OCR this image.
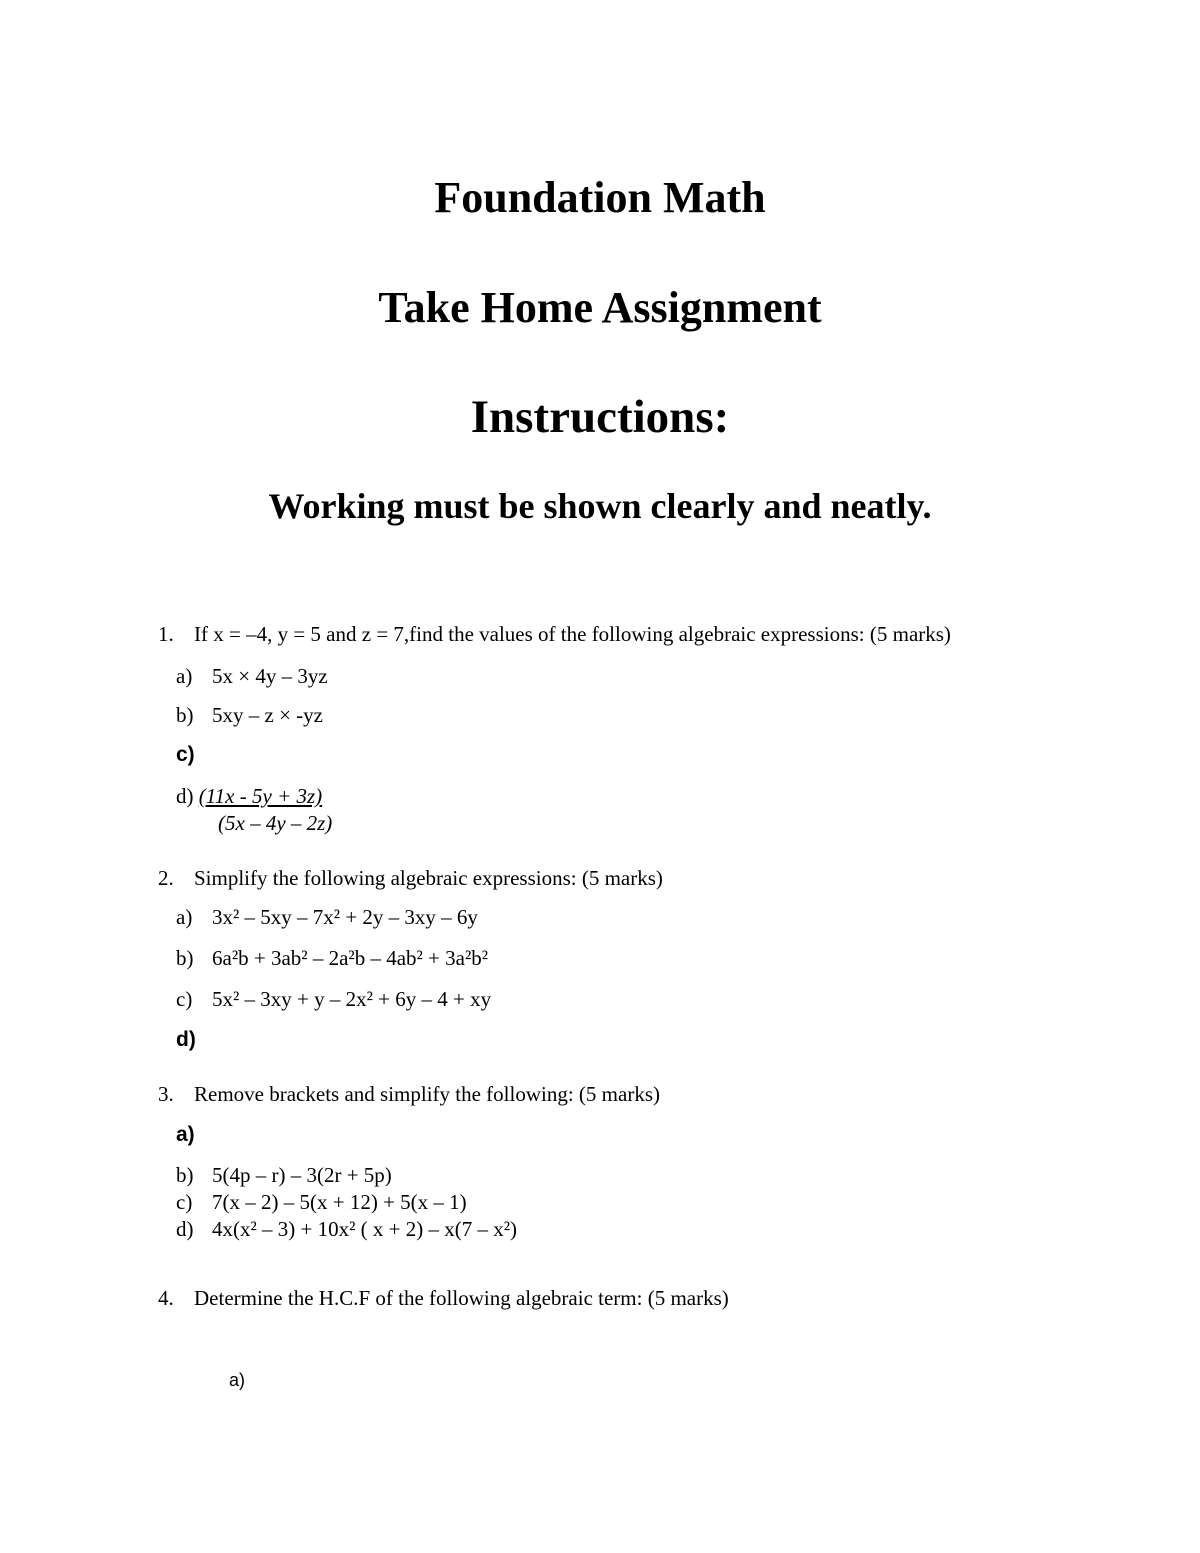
Foundation Math
Take Home Assignment
Instructions:
Working must be shown clearly and neatly.
1. If x = –4, y = 5 and z = 7,find the values of the following algebraic expressions: (5 marks)
a) 5x × 4y – 3yz
b) 5xy – z × -yz
c)
d) (11x - 5y + 3z)
(5x – 4y – 2z)
2. Simplify the following algebraic expressions: (5 marks)
a) 3x² – 5xy – 7x² + 2y – 3xy – 6y
b) 6a²b + 3ab² – 2a²b – 4ab² + 3a²b²
c) 5x² – 3xy + y – 2x² + 6y – 4 + xy
d)
3. Remove brackets and simplify the following: (5 marks)
a)
b) 5(4p – r) – 3(2r + 5p)
c) 7(x – 2) – 5(x + 12) + 5(x – 1)
d) 4x(x² – 3) + 10x² ( x + 2) – x(7 – x²)
4. Determine the H.C.F of the following algebraic term: (5 marks)
a)
